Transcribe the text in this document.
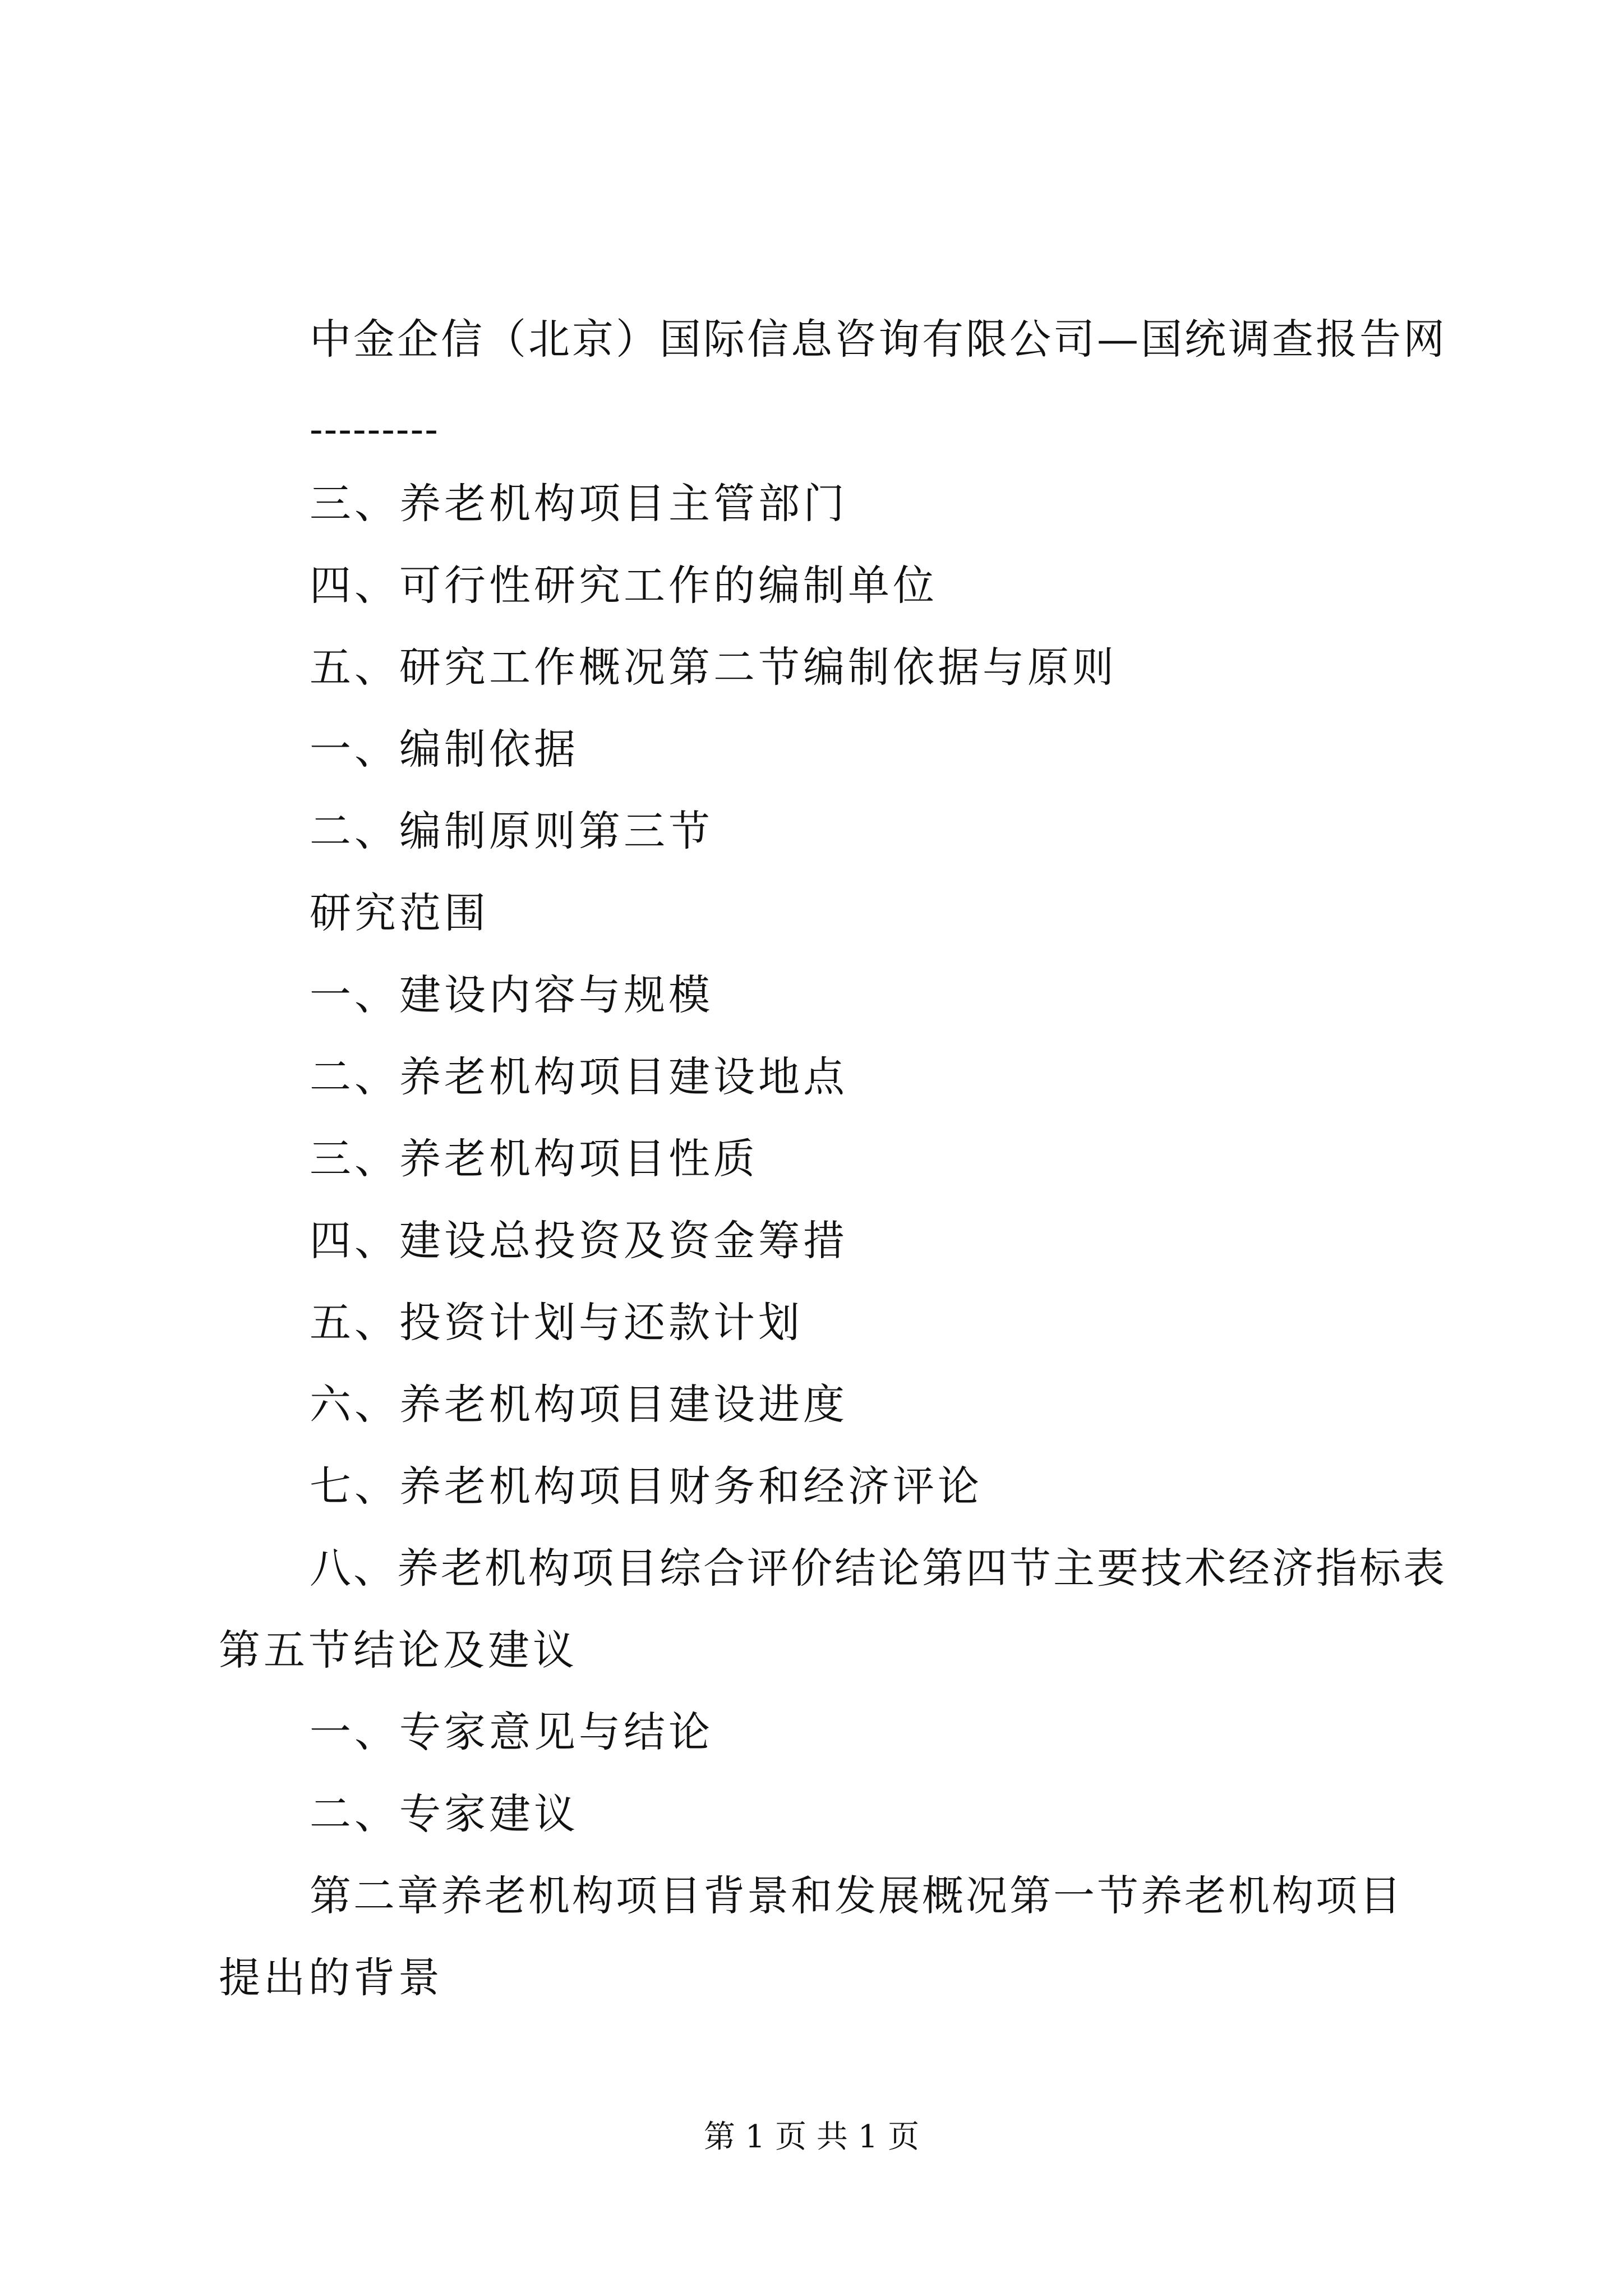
中金企信（北京）国际信息咨询有限公司—国统调查报告网
---------
三、养老机构项目主管部门
四、可行性研究工作的编制单位
五、研究工作概况第二节编制依据与原则
一、编制依据
二、编制原则第三节
研究范围
一、建设内容与规模
二、养老机构项目建设地点
三、养老机构项目性质
四、建设总投资及资金筹措
五、投资计划与还款计划
六、养老机构项目建设进度
七、养老机构项目财务和经济评论
八、养老机构项目综合评价结论第四节主要技术经济指标表
第五节结论及建议
一、专家意见与结论
二、专家建议
第二章养老机构项目背景和发展概况第一节养老机构项目
提出的背景
第 1 页 共 1 页
